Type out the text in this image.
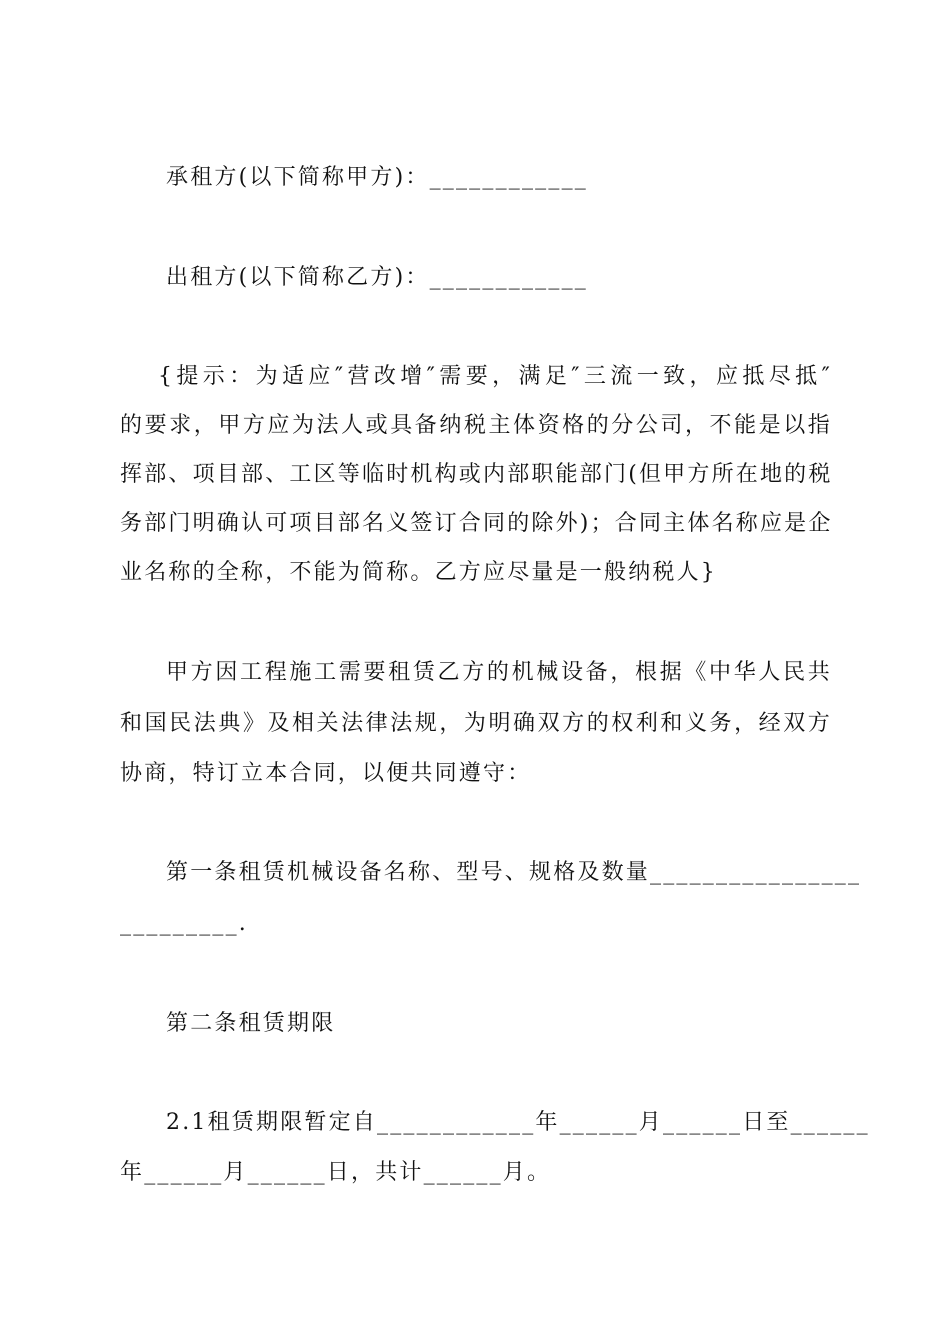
承租方(以下简称甲方)：____________
出租方(以下简称乙方)：____________
{提示：为适应″营改增″需要，满足″三流一致，应抵尽抵″
的要求，甲方应为法人或具备纳税主体资格的分公司，不能是以指
挥部、项目部、工区等临时机构或内部职能部门(但甲方所在地的税
务部门明确认可项目部名义签订合同的除外)；合同主体名称应是企
业名称的全称，不能为简称。乙方应尽量是一般纳税人}
甲方因工程施工需要租赁乙方的机械设备，根据《中华人民共
和国民法典》及相关法律法规，为明确双方的权利和义务，经双方
协商，特订立本合同，以便共同遵守：
第一条租赁机械设备名称、型号、规格及数量________________
_________.
第二条租赁期限
2.1租赁期限暂定自____________年______月______日至______
年______月______日，共计______月。
